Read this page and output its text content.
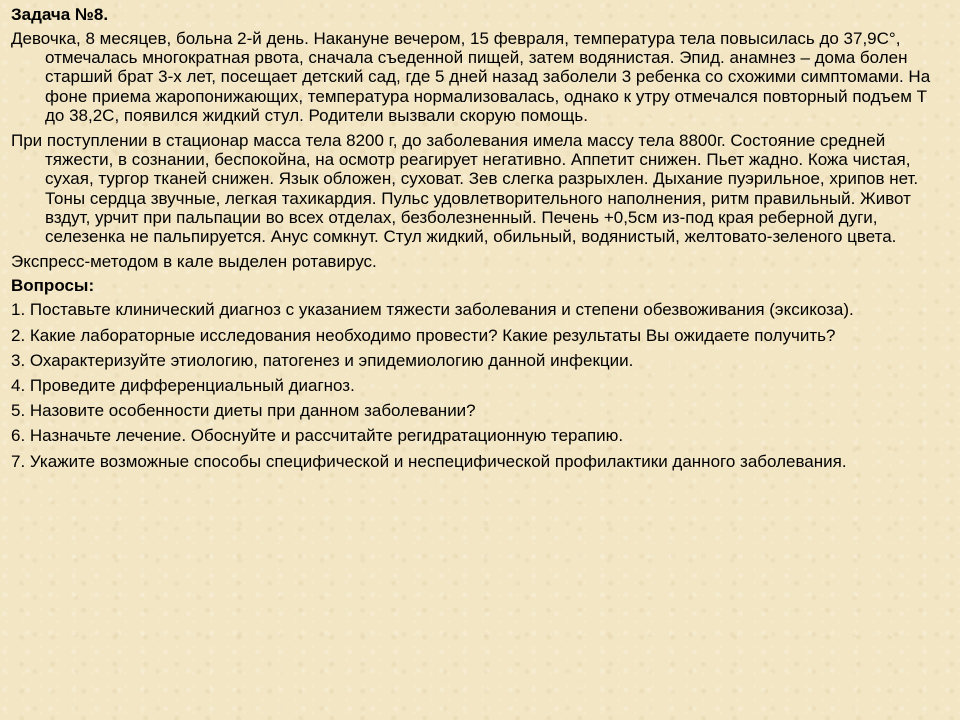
Задача №8.
Девочка, 8 месяцев, больна 2-й день. Накануне вечером, 15 февраля, температура тела повысилась до 37,9С°, отмечалась многократная рвота, сначала съеденной пищей, затем водянистая. Эпид. анамнез – дома болен старший брат 3-х лет, посещает детский сад, где 5 дней назад заболели 3 ребенка со схожими симптомами. На фоне приема жаропонижающих, температура нормализовалась, однако к утру отмечался повторный подъем Т до 38,2С, появился жидкий стул. Родители вызвали скорую помощь.
При поступлении в стационар масса тела 8200 г, до заболевания имела массу тела 8800г. Состояние средней тяжести, в сознании, беспокойна, на осмотр реагирует негативно. Аппетит снижен. Пьет жадно. Кожа чистая, сухая, тургор тканей снижен. Язык обложен, суховат. Зев слегка разрыхлен. Дыхание пуэрильное, хрипов нет. Тоны сердца звучные, легкая тахикардия. Пульс удовлетворительного наполнения, ритм правильный. Живот вздут, урчит при пальпации во всех отделах, безболезненный. Печень +0,5см из-под края реберной дуги, селезенка не пальпируется. Анус сомкнут. Стул жидкий, обильный, водянистый, желтовато-зеленого цвета.
Экспресс-методом в кале выделен ротавирус.
Вопросы:
1. Поставьте клинический диагноз с указанием тяжести заболевания и степени обезвоживания (эксикоза).
2. Какие лабораторные исследования необходимо провести? Какие результаты Вы ожидаете получить?
3. Охарактеризуйте этиологию, патогенез и эпидемиологию данной инфекции.
4. Проведите дифференциальный диагноз.
5. Назовите особенности диеты при данном заболевании?
6. Назначьте лечение. Обоснуйте и рассчитайте регидратационную терапию.
7. Укажите возможные способы специфической и неспецифической профилактики данного заболевания.
